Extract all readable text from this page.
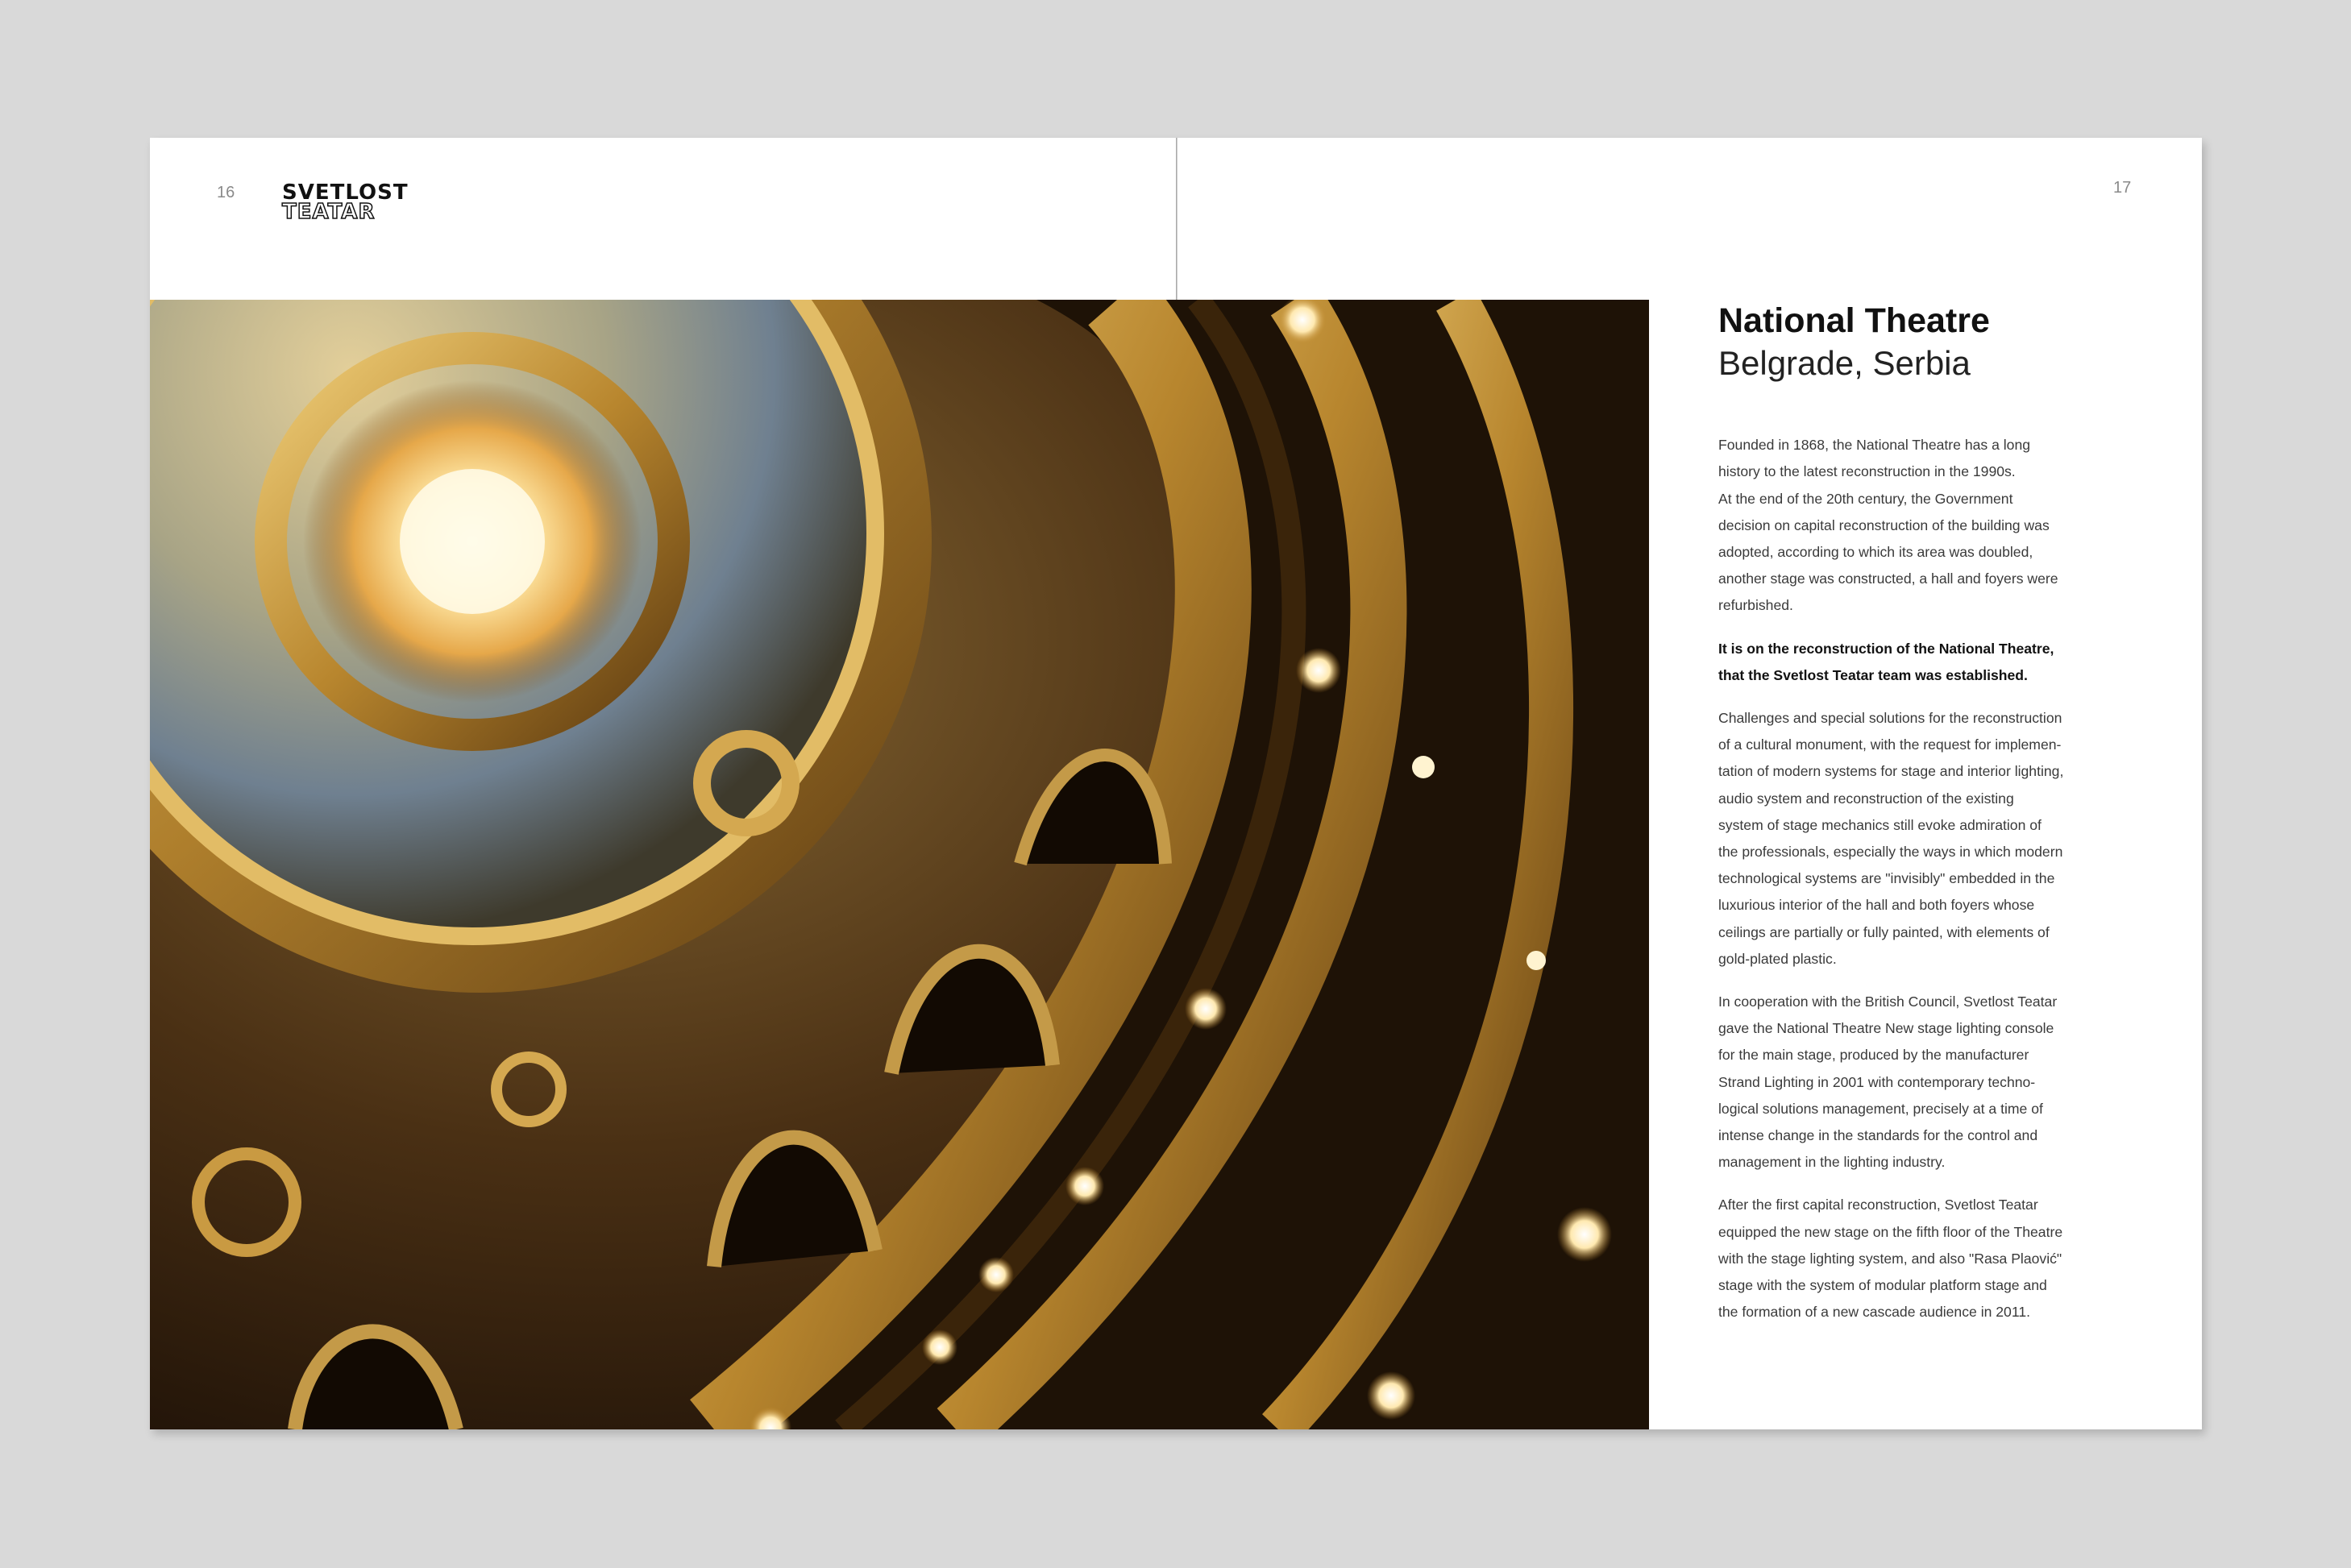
16	17
SVETLOST
TEATAR
National Theatre
Belgrade, Serbia

Founded in 1868, the National Theatre has a long
history to the latest reconstruction in the 1990s.
At the end of the 20th century, the Government
decision on capital reconstruction of the building was
adopted, according to which its area was doubled,
another stage was constructed, a hall and foyers were
refurbished.

It is on the reconstruction of the National Theatre,
that the Svetlost Teatar team was established.

Challenges and special solutions for the reconstruction
of a cultural monument, with the request for implemen-
tation of modern systems for stage and interior lighting,
audio system and reconstruction of the existing
system of stage mechanics still evoke admiration of
the professionals, especially the ways in which modern
technological systems are "invisibly" embedded in the
luxurious interior of the hall and both foyers whose
ceilings are partially or fully painted, with elements of
gold-plated plastic.

In cooperation with the British Council, Svetlost Teatar
gave the National Theatre New stage lighting console
for the main stage, produced by the manufacturer
Strand Lighting in 2001 with contemporary techno-
logical solutions management, precisely at a time of
intense change in the standards for the control and
management in the lighting industry.

After the first capital reconstruction, Svetlost Teatar
equipped the new stage on the fifth floor of the Theatre
with the stage lighting system, and also "Rasa Plaović"
stage with the system of modular platform stage and
the formation of a new cascade audience in 2011.
